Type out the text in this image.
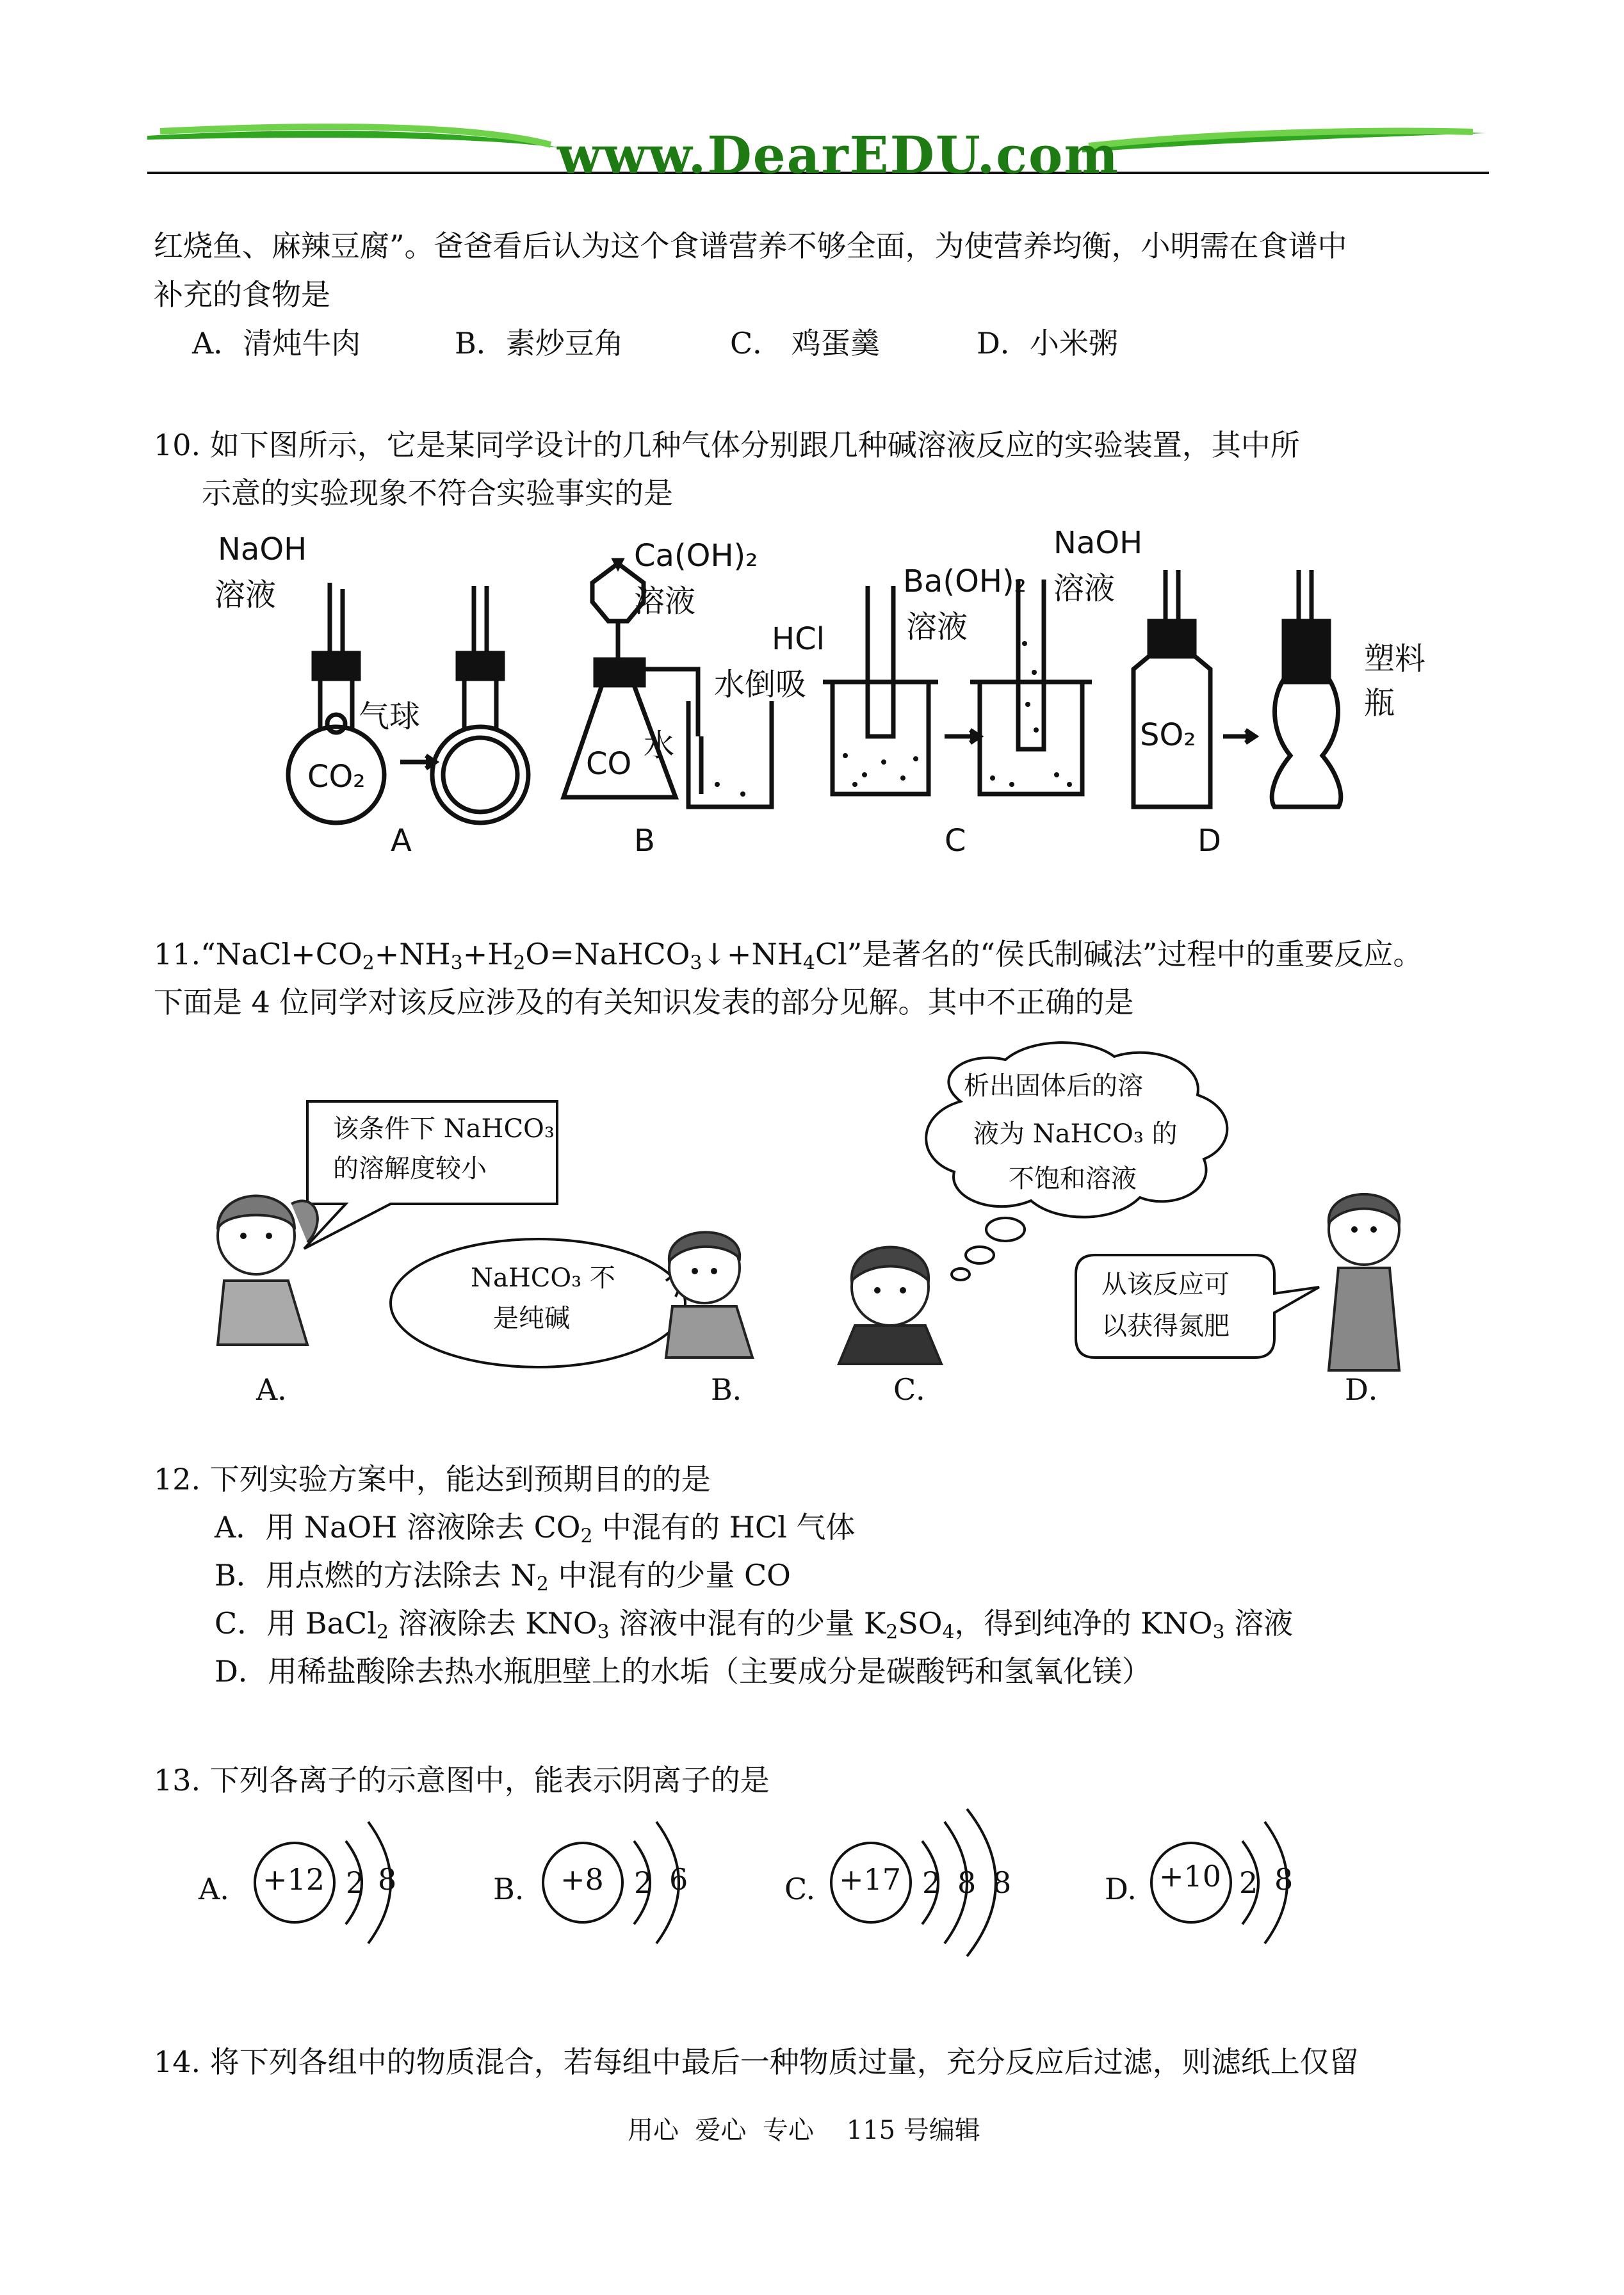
www.DearEDU.com
红烧鱼、麻辣豆腐”。爸爸看后认为这个食谱营养不够全面，为使营养均衡，小明需在食谱中
补充的食物是
A．清炖牛肉	B．素炒豆角	C． 鸡蛋羹	D．小米粥
10. 如下图所示，它是某同学设计的几种气体分别跟几种碱溶液反应的实验装置，其中所
示意的实验现象不符合实验事实的是
NaOH
溶液
气球
CO₂
Ca(OH)₂
溶液
水倒吸
CO
水
HCl
Ba(OH)₂
溶液
NaOH
溶液
SO₂
塑料瓶
A	B	C	D
$11.“NaCl+CO_2+NH_3+H_2O=NaHCO_3↓+NH_4Cl$”是著名的“侯氏制碱法”过程中的重要反应。
下面是 4 位同学对该反应涉及的有关知识发表的部分见解。其中不正确的是
该条件下 NaHCO₃
的溶解度较小
NaHCO₃ 不
是纯碱
析出固体后的溶
液为 NaHCO₃ 的
不饱和溶液
从该反应可
以获得氮肥
A．	B．	C．	D．
12. 下列实验方案中，能达到预期目的的是
A．用 NaOH 溶液除去 $CO_2$ 中混有的 HCl 气体
B．用点燃的方法除去 $N_2$ 中混有的少量 CO
C．用 BaCl$_2$ 溶液除去 $KNO_3$ 溶液中混有的少量 $K_2SO_4$，得到纯净的 $KNO_3$ 溶液
D．用稀盐酸除去热水瓶胆壁上的水垢（主要成分是碳酸钙和氢氧化镁）
13. 下列各离子的示意图中，能表示阴离子的是
A. +12 2 8	B. +8 2 6	C. +17 2 8 8	D. +10 2 8
14. 将下列各组中的物质混合，若每组中最后一种物质过量，充分反应后过滤，则滤纸上仅留
用心  爱心  专心    115 号编辑
